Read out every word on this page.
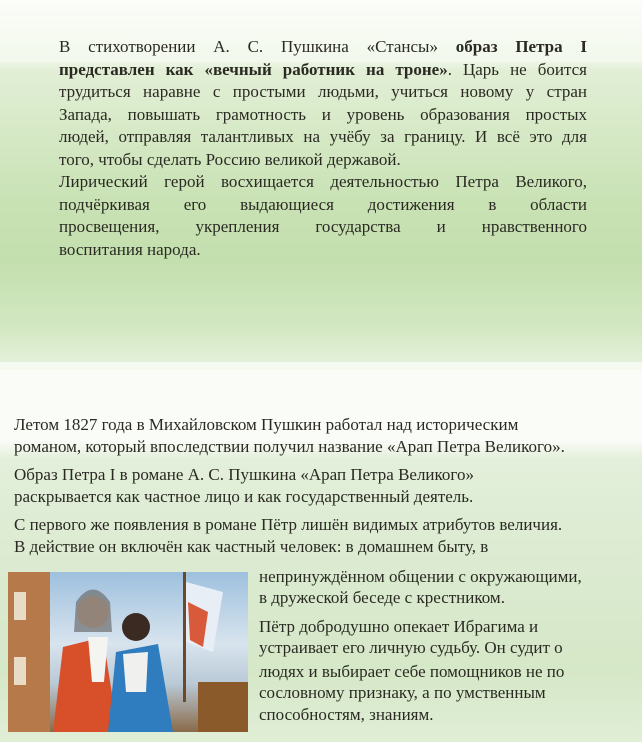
В стихотворении А. С. Пушкина «Стансы» образ Петра I
представлен как «вечный работник на троне». Царь не боится
трудиться наравне с простыми людьми, учиться новому у стран
Запада, повышать грамотность и уровень образования простых
людей, отправляя талантливых на учёбу за границу. И всё это для
того, чтобы сделать Россию великой державой.
Лирический герой восхищается деятельностью Петра Великого,
подчёркивая его выдающиеся достижения в области
просвещения, укрепления государства и нравственного
воспитания народа.
Летом 1827 года в Михайловском Пушкин работал над историческим
романом, который впоследствии получил название «Арап Петра Великого».
Образ Петра I в романе А. С. Пушкина «Арап Петра Великого»
раскрывается как частное лицо и как государственный деятель.
С первого же появления в романе Пётр лишён видимых атрибутов величия.
В действие он включён как частный человек: в домашнем быту, в
непринуждённом общении с окружающими,
в дружеской беседе с крестником.
Пётр добродушно опекает Ибрагима и
устраивает его личную судьбу. Он судит о
людях и выбирает себе помощников не по
сословному признаку, а по умственным
способностям, знаниям.
